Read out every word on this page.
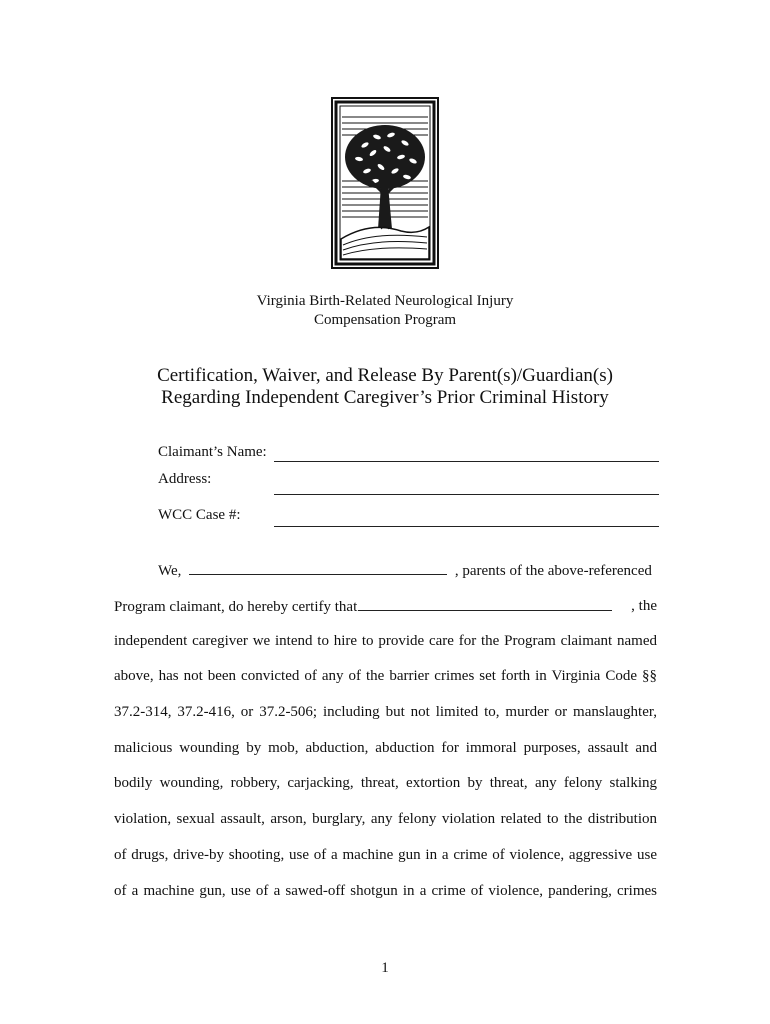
Virginia Birth-Related Neurological Injury
Compensation Program
Certification, Waiver, and Release By Parent(s)/Guardian(s)
Regarding Independent Caregiver’s Prior Criminal History
Claimant’s Name:
Address:
WCC Case #:
We,	, parents of the above-referenced
Program claimant, do hereby certify that	, the
independent caregiver we intend to hire to provide care for the Program claimant named
above, has not been convicted of any of the barrier crimes set forth in Virginia Code §§
37.2-314, 37.2-416, or 37.2-506; including but not limited to, murder or manslaughter,
malicious wounding by mob, abduction, abduction for immoral purposes, assault and
bodily wounding, robbery, carjacking, threat, extortion by threat, any felony stalking
violation, sexual assault, arson, burglary, any felony violation related to the distribution
of drugs, drive-by shooting, use of a machine gun in a crime of violence, aggressive use
of a machine gun, use of a sawed-off shotgun in a crime of violence, pandering, crimes
1
